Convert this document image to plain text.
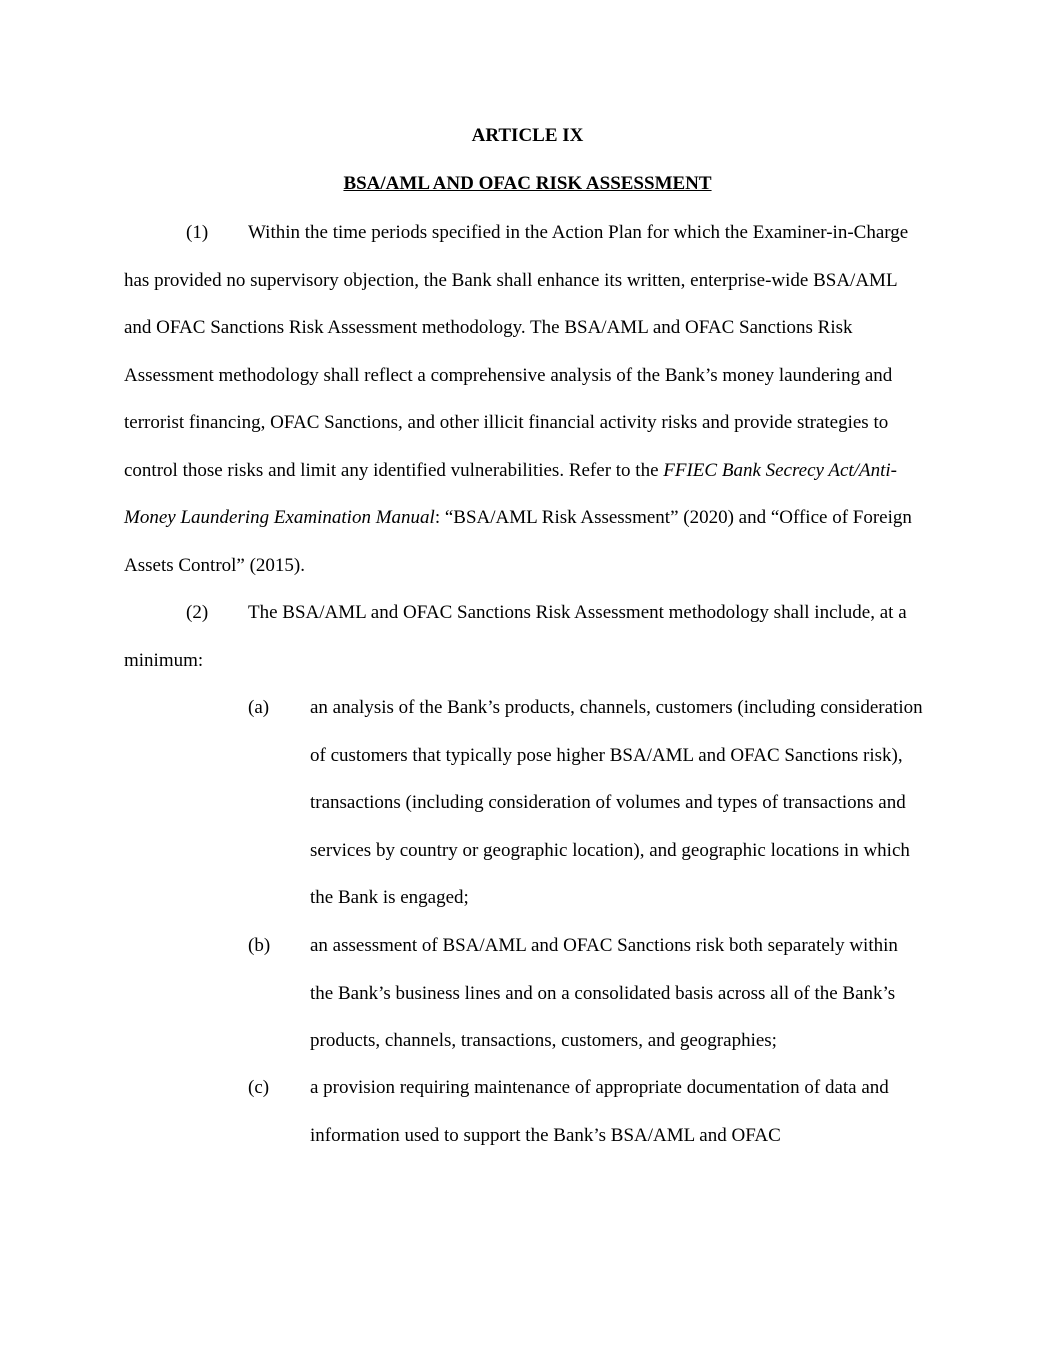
ARTICLE IX
BSA/AML AND OFAC RISK ASSESSMENT
(1) Within the time periods specified in the Action Plan for which the Examiner-in-Charge has provided no supervisory objection, the Bank shall enhance its written, enterprise-wide BSA/AML and OFAC Sanctions Risk Assessment methodology. The BSA/AML and OFAC Sanctions Risk Assessment methodology shall reflect a comprehensive analysis of the Bank’s money laundering and terrorist financing, OFAC Sanctions, and other illicit financial activity risks and provide strategies to control those risks and limit any identified vulnerabilities. Refer to the FFIEC Bank Secrecy Act/Anti-Money Laundering Examination Manual: “BSA/AML Risk Assessment” (2020) and “Office of Foreign Assets Control” (2015).
(2) The BSA/AML and OFAC Sanctions Risk Assessment methodology shall include, at a minimum:
(a)	an analysis of the Bank’s products, channels, customers (including consideration of customers that typically pose higher BSA/AML and OFAC Sanctions risk), transactions (including consideration of volumes and types of transactions and services by country or geographic location), and geographic locations in which the Bank is engaged;
(b)	an assessment of BSA/AML and OFAC Sanctions risk both separately within the Bank’s business lines and on a consolidated basis across all of the Bank’s products, channels, transactions, customers, and geographies;
(c)	a provision requiring maintenance of appropriate documentation of data and information used to support the Bank’s BSA/AML and OFAC
